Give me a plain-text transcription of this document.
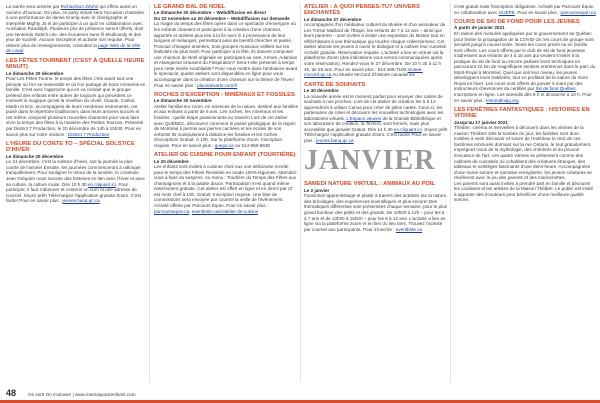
La soirée sera animée par Richardson Zéphir qui offrira aussi un numéro d'humour. De plus, ce party virtuel sera l'occasion d'assister à une performance de danse Krump avec le chorégraphe et interprète Mighty Jo et de participer à un quiz en collaboration avec Animation Randolph. Plusieurs prix de présence seront offerts, dont une Nintendo Switch Lite, des écouteurs sans fil Skullcandy et des jeux de société. Aucune inscription et activité non requise. Pour obtenir plus de renseignements, consultez la page Web de la Ville de Laval.

LES FÊTES TOURNENT (C'EST À QUELLE HEURE MINUIT)
Le dimanche 20 décembre

Pour Les Fêtes Tourne, le temps des fêtes c'est avant tout une période où l'on se rassemble et où l'on partage de bons moments en famille. C'est avec l'approche qui en va conduit que le groupe prétend des enfants entre autres de toujours qui précèdent ce moment si magique qu'est la révellion du réveil. Claude, Carlos, Martin et Eric, accompagnés de leurs nombreux instruments, ont puisé dans le répertoire traditionnel, dans leurs anciens succès et ont même composé plusieurs nouvelles chansons pour vous faire vivre la temps des fêtes à la manière des Petites Tournes. Présenté par District 7 Production, le 20 décembre de 14h à 15h30. Pour en savoir plus sur notre mission : District 7 Production

L'HEURE DU CONTE TO – SPÉCIAL SOLSTICE D'HIVER
Le dimanche 20 décembre

Le 21 décembre, c'est la solstice d'hiver, soit la journée la plus courte de l'année! Ensuite, les journées commenceront à rallonger tranquillement. Pour souligner le retour de la lumière, le conteuse Jean Grégoire nous raconte des histoires en lien avec l'hiver et avec sa culture, la culture inuite. Dès 10 h 30 en cliquant ici. Pour participer, il faut s'abonner et contenir un nom et une adresse de courriel. Soyez prêt! Téléchargez l'application gratuite Zoom. C'est facile! Pour en savoir plus : jeunes.banq.qc.ca

LE GRAND BAL DE NOËL
Le dimanche 20 décembre – Webdiffusion en direct
Du 22 novembre au 20 décembre – Webdiffusion sur demande

La magie du temps des fêtes opère dans ce spectacle d'envergure où les enfants chantent et participent à la création d'une chanson, apportée et ateliers jeux liés à la fin avec É.s provenance de leur langues et mélanges, permettant ainsi de bientôt chercher et passé. Ponctué d'images animées, trois groupes musicaux veillent sur les festivités du plus Noël. Pour participer à la fête, ils doivent composer une chanson de Noël originale en participant au vote. Armes, Adamian et Alamgeiran brausent du Finspiration? Sera-t-elle présenté à temps pour cette soirée inoubliable? Pour vous mettre dans l'ambiance avant le spectacle, quatre ateliers sont disponibles en ligne pour vous accompagner dans la création d'une chanson sur la thème de l'hiver! Pour en savoir plus : placedesarts.com/fr

ROCHES D'EXCEPTION : MINÉRAUX ET FOSSILES
Le dimanche 20 novembre

Atelier familial sur zoom, en sciences de la nature, destiné aux familles et aux enfants à partir de 6 ans. Les roches, les minéraux et les fossiles : quelle étape passionnante au travers! Lors de cet atelier avec QUÉBEC, découvrez comment le passé géologique de la région de Montréal à permis aux pierres cachées et les écoles de vos enfants! Ils manipuleront à distance les fossiles et les roches d'exception! Gratuit. À 10h. Sur la plateforme Zoom. Inscription requise. Pour en savoir plus : quepa.ca ou 514-956-5639

ATELIER DE CUISINE POUR ENFANT (TOURTIÈRE)
Le 20 décembre

Les enfants sont invités à cuisiner chez eux une délicieuse recette pour le temps des Fêtes! Revisitée en mode 100% légumes. Attendez-vous à faire du suspens. Au menu : Tourtière du Temps des Fêtes aux champignons et à la patate douce. Participation s'est quand même entièrement gratuite. Cet atelier est offert en ligne et en direct par Cl' est mots chef à 10h. Gratuit. Inscription requise. Une liste de commissions sera envoyée par courriel la veille de l'événement. Activité offerte par Parcours Équin. Pour en savoir plus : parcoursequin.ca, eventbrite.ca/e/atelier-de-cuisine

ATELIER : À QUOI PENSES-TU? UNIVERS ENCHANTÉS
Le dimanche 27 décembre

Accompagnés d'un médiateur culturel du Musée et d'un animateur de Les Trésor Maillard de l'Étape, les enfants de 7 à 12 ans – ainsi que leurs parents! – sont invités à visiter une exposition du Musée tout en réfléchissant à une thématique qui touche chaque collectionneur. Cet atelier aborde les jeunes à ouvrir le dialogue et à cultiver leur curiosité. Activité gratuite. Réservation requise. L'activité a lieu en virtuel via la plateforme Zoom (des indications vous seront communiquées après votre réservation). Rendez-vous le 27 décembre. De 10 h 30 à 11 h 45, de 25 ans. Pour en savoir plus : 514-398-7100 musee-mccord.qc.ca Au Musée McCord d'histoire canadienne

CARTE DE SOUHAITS
Le 30 décembre

La nouvelle année est le moment parfait pour envoyer des cartes de souhaits à nos proches. Lors de cet atelier de création les 5 à 13 apprendront à utiliser Canva pour créer de jolies cartes. Ceux-ci, les partenaires de créer et découvrir les nouvelles technologies avec les laboratoires virtuels, L'Espace Jeunes de la Grande Bibliothèque et son laboratoire de création, la Techno, sont fermés, mais plus accessible que jamais! Gratuit. Dès 14 h 30 en cliquant ici. Soyez prêt! Téléchargez l'application gratuite Zoom. C'est facile! Pour en savoir plus : jeunes.banq.qc.ca

JANVIER
SAMEDI NATURE VIRTUEL : ANIMAUX AU POIL
Le 2 janvier

Fusionnez apprentissage et plaisir à travers des activités sur la nature, des bricolages, des expériences scientifiques et plus encore! Des thématiques différentes sont présentées chaque semaine, pour le plus grand bonheur des petits et des grands. De 10h00 à 12h – pour les 5 à 7 ans et de 13h00 à 15h00 – pour les 8 à 12 ans. L'activité a lieu en ligne via la plateforme zoom et en lien du lieu tiers. Trouvez l'activité par courriel aux participants. Pour s'inscrire : eventbrite.ca

C'est gratuit mais l'inscription obligatoire. Activité par Parcours Équin, en collaboration avec GUEPE. Pour en savoir plus : parcoursequin.ca

COURS DE SKI DE FOND POUR LES JEUNES
À partir de janvier 2021

En raison des mesures appliquées par le gouvernement du Québec pour limiter la propagation de la COVID-19, les cours de groupe sont annulés jusqu'à nouvel ordre. Seuls les cours privés ou en famille sont offerts. Les cours offerts par le club de ski de fond jeunesse s'adressent aux enfants de 4 à 15 ans qui veulent s'initier à la pratique du ski de fond ou encore parfaire leurs techniques en parcourant 22 km de magnifiques sentiers entretenus dans le parc du Mont-Royal à Montréal. Quel que soit leur niveau, les jeunes développent leurs habiletés, tout en profitant de la nature du mont Royal en hiver. Les cours sont offerts de janvier à mars par des instructeurs chevronnés du certifiés par Ski de fond Québec. Inscriptions en ligne. Les samedis dès 9 h et dimanche à 10 h. Pour en savoir plus : lesrondinsjq.org

LES FENÊTRES FANTASTIQUES : HISTOIRES EN VITRINE
Jusqu'au 17 janvier 2021

Théâtre, cinéma et merveilles à découvrir dans les vitrines de la maison Théâtre! Dès la tombée du jour, les familles sont donc invitées à venir découvrir et suivre de l'extérieur le récit de ces fantômes emmurés dormant sur la rue Ontario, le tout gratuitement. Imprégnez-vous de la mythologie, des chimères et du pouvoir évocateur de l'art, ces quatre vitrines se présentent comme des cabinets de curiosités où cohabitent des créatures étranges, des tableaux et sortilèges fascinants d'une demi-heure. Accompagnées d'une trame sonore et narrative enregistrée, les jeunes créatures se révéleront avec le jeu des parents et des marionnettes.

Les parents sont aussi invités à prendre part en famille et découvrir les coulisses et les artistes de la Maison Théâtre. Le public est invité à apporter des écouteurs pour bénéficier d'une meilleure qualité sonore.

48	On sort! On s'amuse! | www.mamanpourenfants.com
